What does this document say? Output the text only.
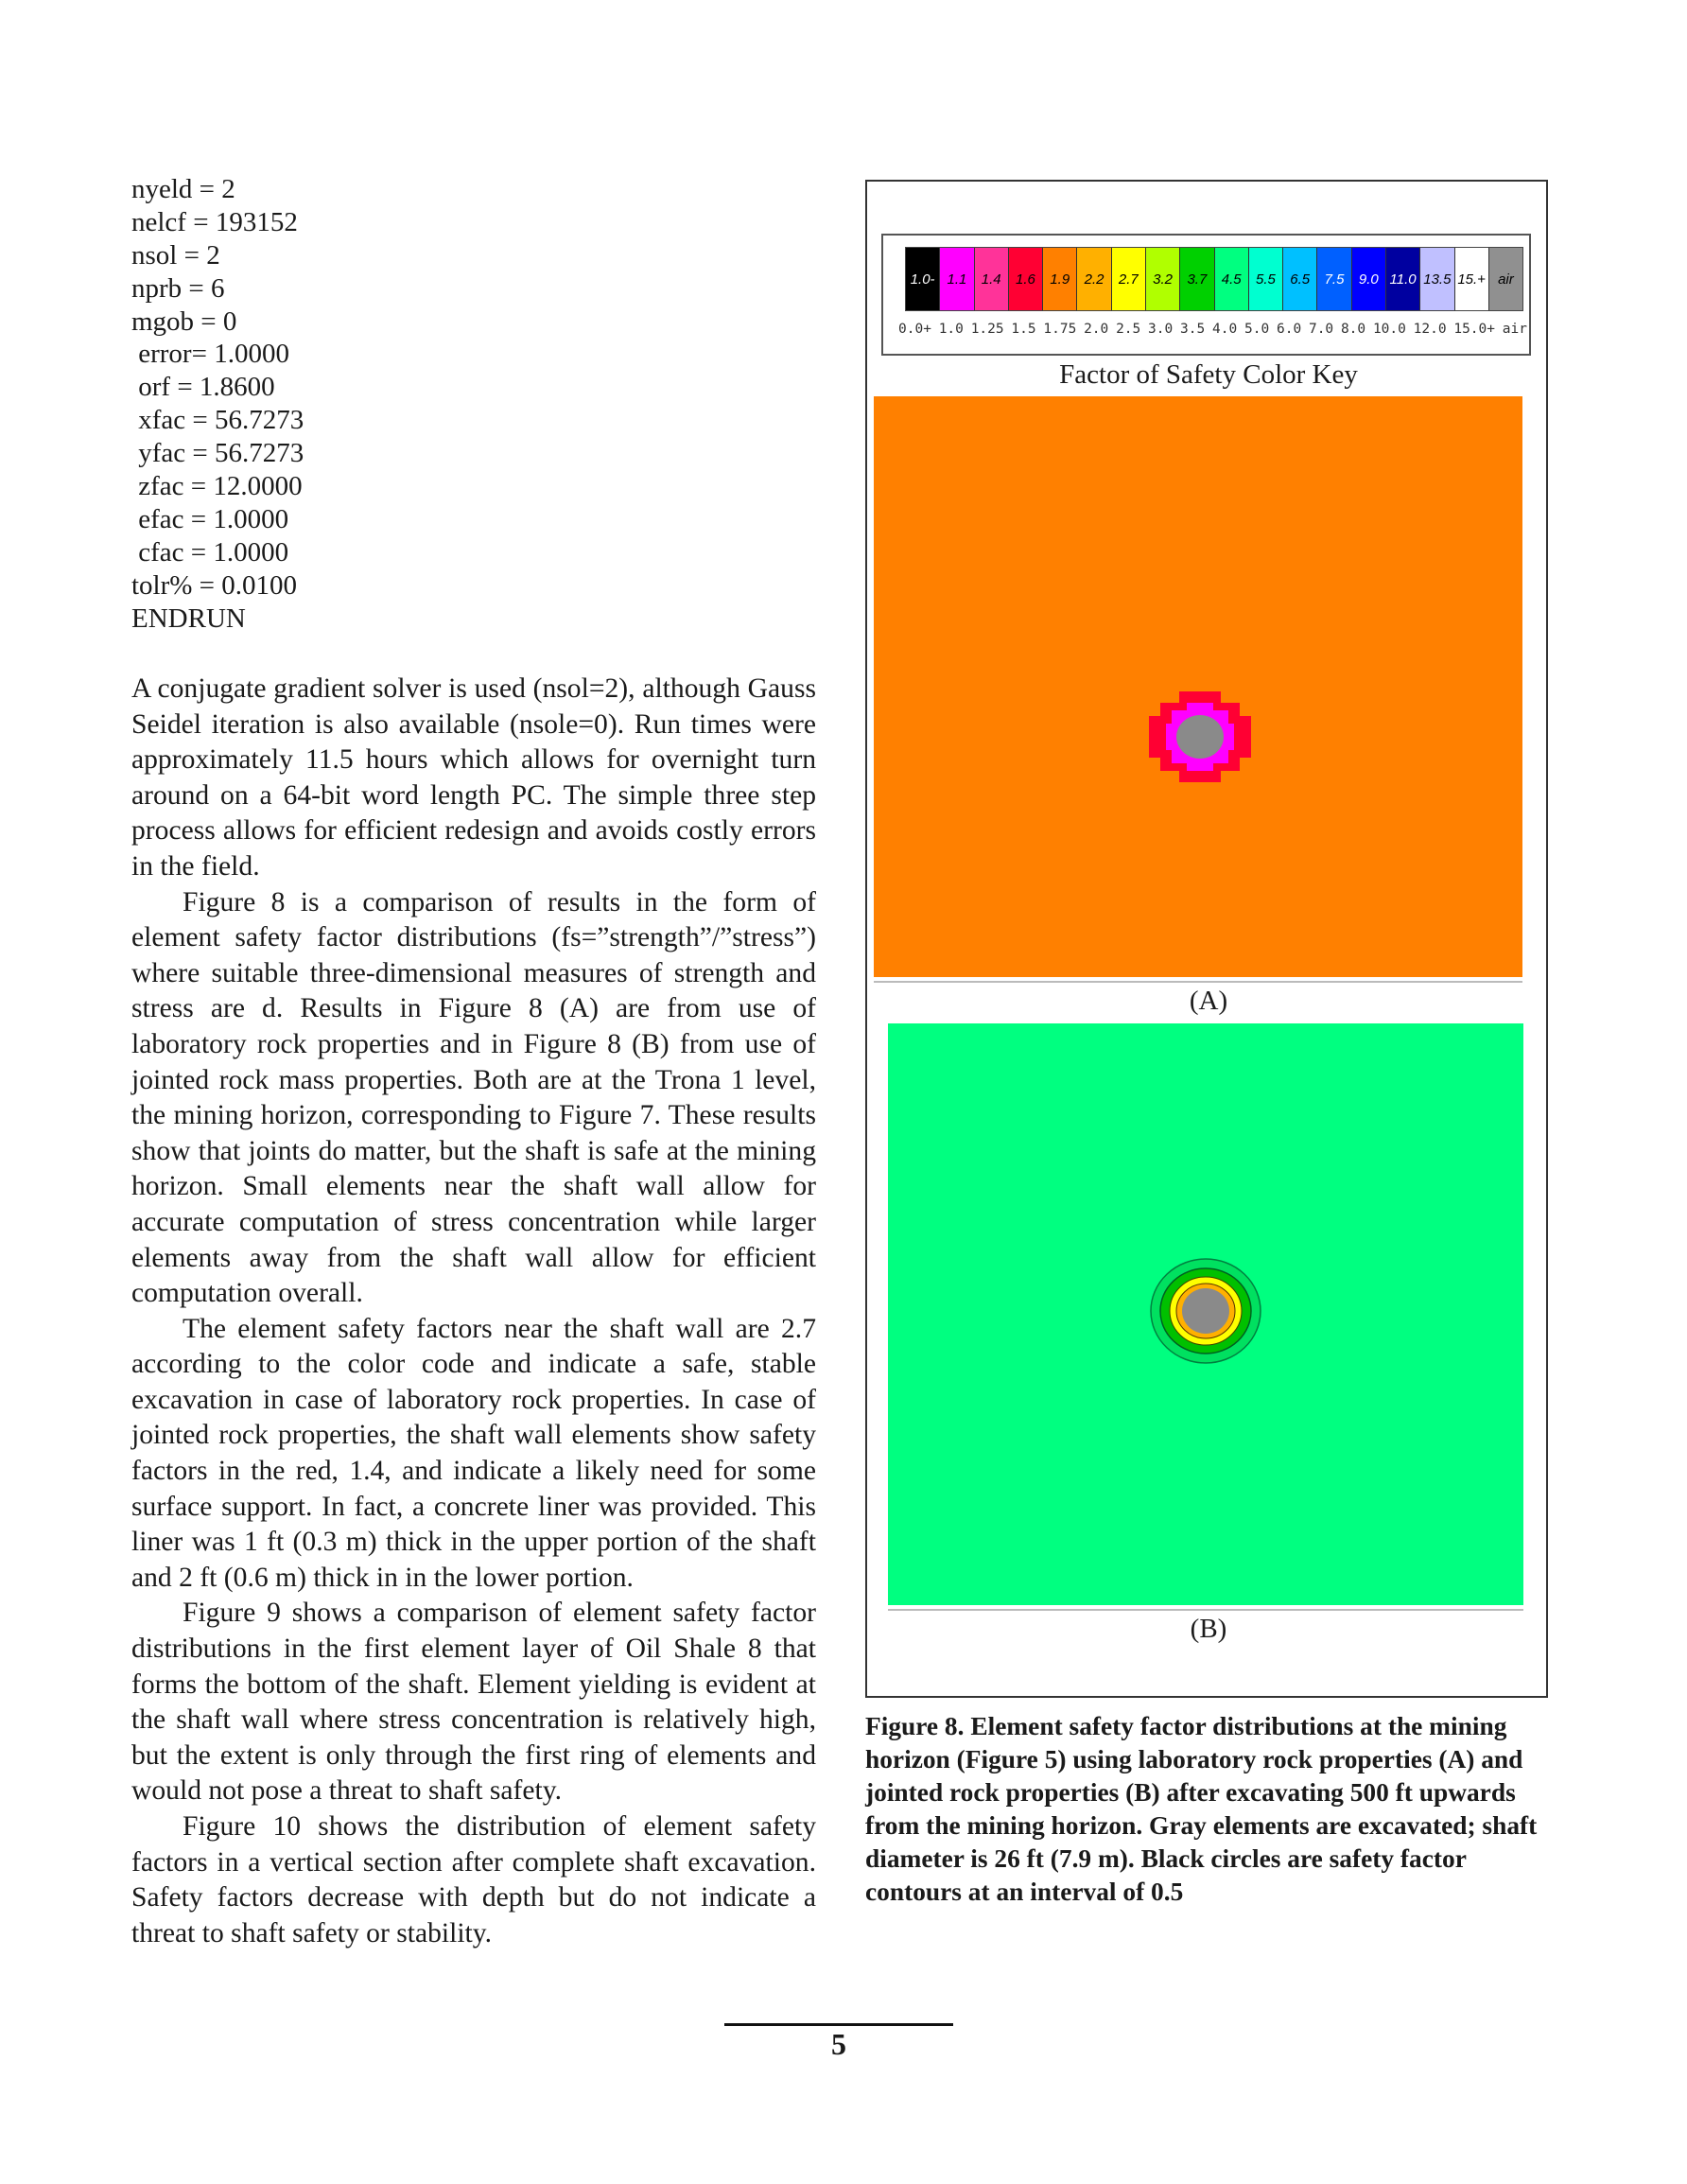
nyeld = 2
nelcf = 193152
nsol = 2
nprb = 6
mgob = 0
error= 1.0000
orf = 1.8600
xfac = 56.7273
yfac = 56.7273
zfac = 12.0000
efac = 1.0000
cfac = 1.0000
tolr% = 0.0100
ENDRUN

A conjugate gradient solver is used (nsol=2), although Gauss Seidel iteration is also available (nsole=0). Run times were approximately 11.5 hours which allows for overnight turn around on a 64-bit word length PC. The simple three step process allows for efficient redesign and avoids costly errors in the field.

Figure 8 is a comparison of results in the form of element safety factor distributions (fs=”strength”/”stress”) where suitable three-dimensional measures of strength and stress are d. Results in Figure 8 (A) are from use of laboratory rock properties and in Figure 8 (B) from use of jointed rock mass properties. Both are at the Trona 1 level, the mining horizon, corresponding to Figure 7. These results show that joints do matter, but the shaft is safe at the mining horizon. Small elements near the shaft wall allow for accurate computation of stress concentration while larger elements away from the shaft wall allow for efficient computation overall.

The element safety factors near the shaft wall are 2.7 according to the color code and indicate a safe, stable excavation in case of laboratory rock properties. In case of jointed rock properties, the shaft wall elements show safety factors in the red, 1.4, and indicate a likely need for some surface support. In fact, a concrete liner was provided. This liner was 1 ft (0.3 m) thick in the upper portion of the shaft and 2 ft (0.6 m) thick in in the lower portion.

Figure 9 shows a comparison of element safety factor distributions in the first element layer of Oil Shale 8 that forms the bottom of the shaft. Element yielding is evident at the shaft wall where stress concentration is relatively high, but the extent is only through the first ring of elements and would not pose a threat to shaft safety.

Figure 10 shows the distribution of element safety factors in a vertical section after complete shaft excavation. Safety factors decrease with depth but do not indicate a threat to shaft safety or stability.

1.0- 1.1	1.4	1.6	1.9	2.2	2.7	3.2	3.7	4.5	5.5	6.5	7.5	9.0 11.0 13.5 15.+ air
0.0+ 1.0 1.25 1.5 1.75 2.0 2.5 3.0 3.5 4.0 5.0 6.0 7.0 8.0 10.0 12.0 15.0+ air
Factor of Safety Color Key
(A)
(B)
Figure 8. Element safety factor distributions at the mining horizon (Figure 5) using laboratory rock properties (A) and jointed rock properties (B) after excavating 500 ft upwards from the mining horizon. Gray elements are excavated; shaft diameter is 26 ft (7.9 m). Black circles are safety factor contours at an interval of 0.5
5
